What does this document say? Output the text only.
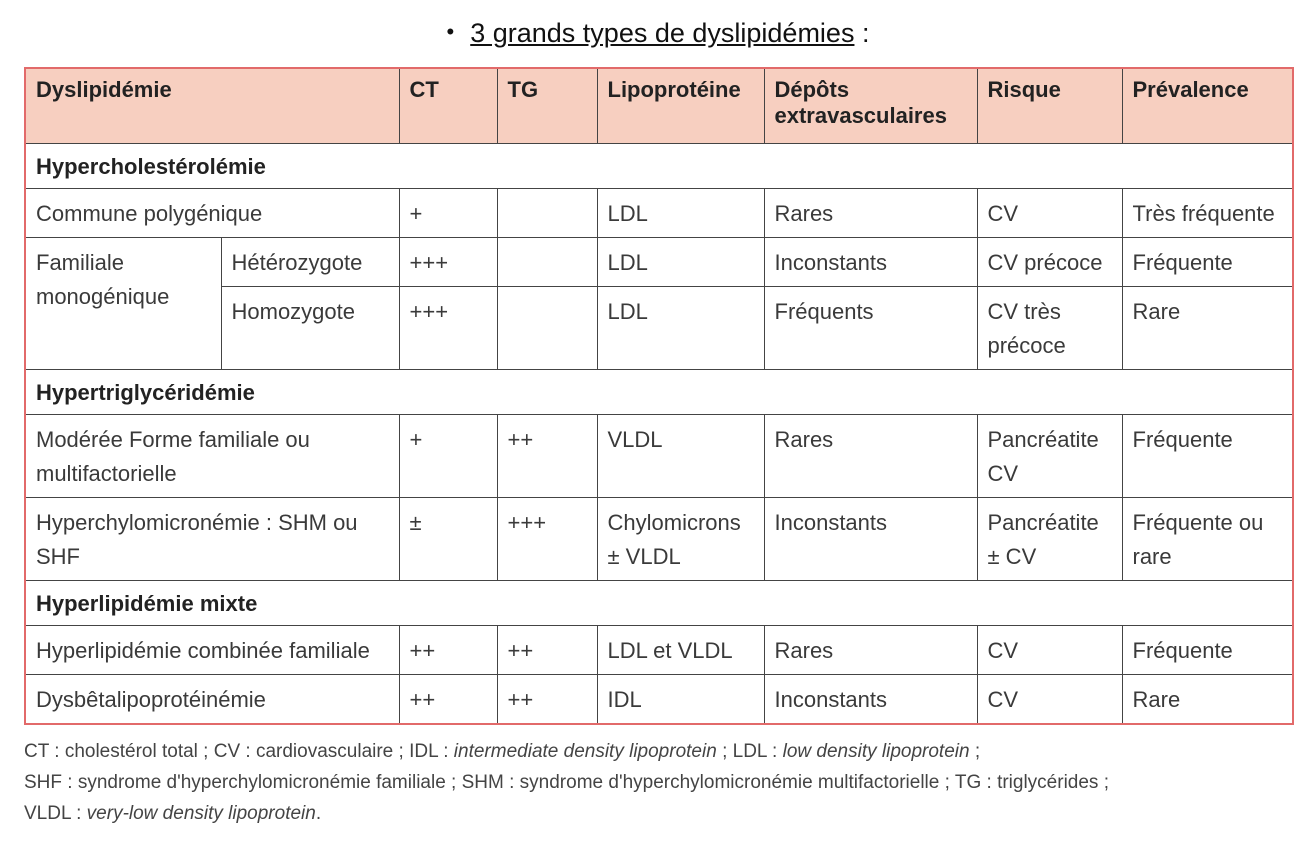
• 3 grands types de dyslipidémies :
Dyslipidémie		CT	TG	Lipoprotéine	Dépôts extravasculaires	Risque	Prévalence
Hypercholestérolémie							
Commune polygénique		+		LDL	Rares	CV	Très fréquente
Familiale monogénique	Hétérozygote	+++		LDL	Inconstants	CV précoce	Fréquente
	Homozygote	+++		LDL	Fréquents	CV très précoce	Rare
Hypertriglycéridémie							
Modérée Forme familiale ou multifactorielle		+	++	VLDL	Rares	Pancréatite CV	Fréquente
Hyperchylomicronémie : SHM ou SHF		±	+++	Chylomicrons ± VLDL	Inconstants	Pancréatite ± CV	Fréquente ou rare
Hyperlipidémie mixte							
Hyperlipidémie combinée familiale		++	++	LDL et VLDL	Rares	CV	Fréquente
Dysbêtalipoprotéinémie		++	++	IDL	Inconstants	CV	Rare
CT : cholestérol total ; CV : cardiovasculaire ; IDL : intermediate density lipoprotein ; LDL : low density lipoprotein ;
SHF : syndrome d'hyperchylomicronémie familiale ; SHM : syndrome d'hyperchylomicronémie multifactorielle ; TG : triglycérides ;
VLDL : very-low density lipoprotein.
